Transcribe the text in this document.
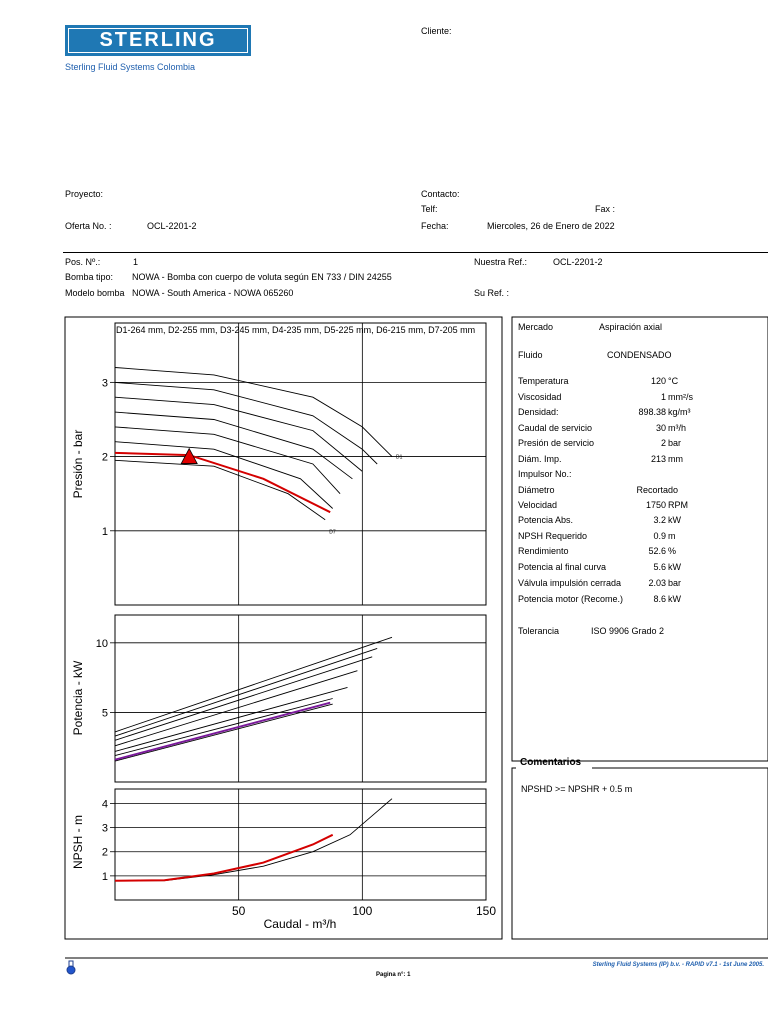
STERLING
Sterling Fluid Systems Colombia
Cliente:
Proyecto:	Contacto:
Telf:	Fax :
Oferta No. :	OCL-2201-2	Fecha:	Miercoles, 26 de Enero de 2022
Pos. Nº.:	1	Nuestra Ref.:	OCL-2201-2
Bomba tipo: NOWA - Bomba con cuerpo de voluta según EN 733 / DIN 24255
Modelo bomba NOWA - South America - NOWA 065260	Su Ref. :
1
2
3
D1
D7
5
10
1
2
3
4
50	100	150
Presión - bar
Potencia - kW
NPSH - m
Caudal - m³/h
D1-264 mm, D2-255 mm, D3-245 mm, D4-235 mm, D5-225 mm, D6-215 mm, D7-205 mm
Comentarios
NPSHD >= NPSHR + 0.5 m
Mercado	Aspiración axial
Fluido	CONDENSADO
Temperatura	120 °C
Viscosidad	1 mm²/s
Densidad:	898.38 kg/m³
Caudal de servicio	30 m³/h
Presión de servicio	2 bar
Diám. Imp.	213 mm
Impulsor No.:
Diámetro	Recortado
Velocidad	1750 RPM
Potencia Abs.	3.2 kW
NPSH Requerido	0.9 m
Rendimiento	52.6 %
Potencia al final curva	5.6 kW
Válvula impulsión cerrada	2.03 bar
Potencia motor (Recome.)	8.6 kW
Tolerancia	ISO 9906 Grado 2
Sterling Fluid Systems (IP) b.v. - RAPID v7.1 - 1st June 2005.
Pagina n°: 1
